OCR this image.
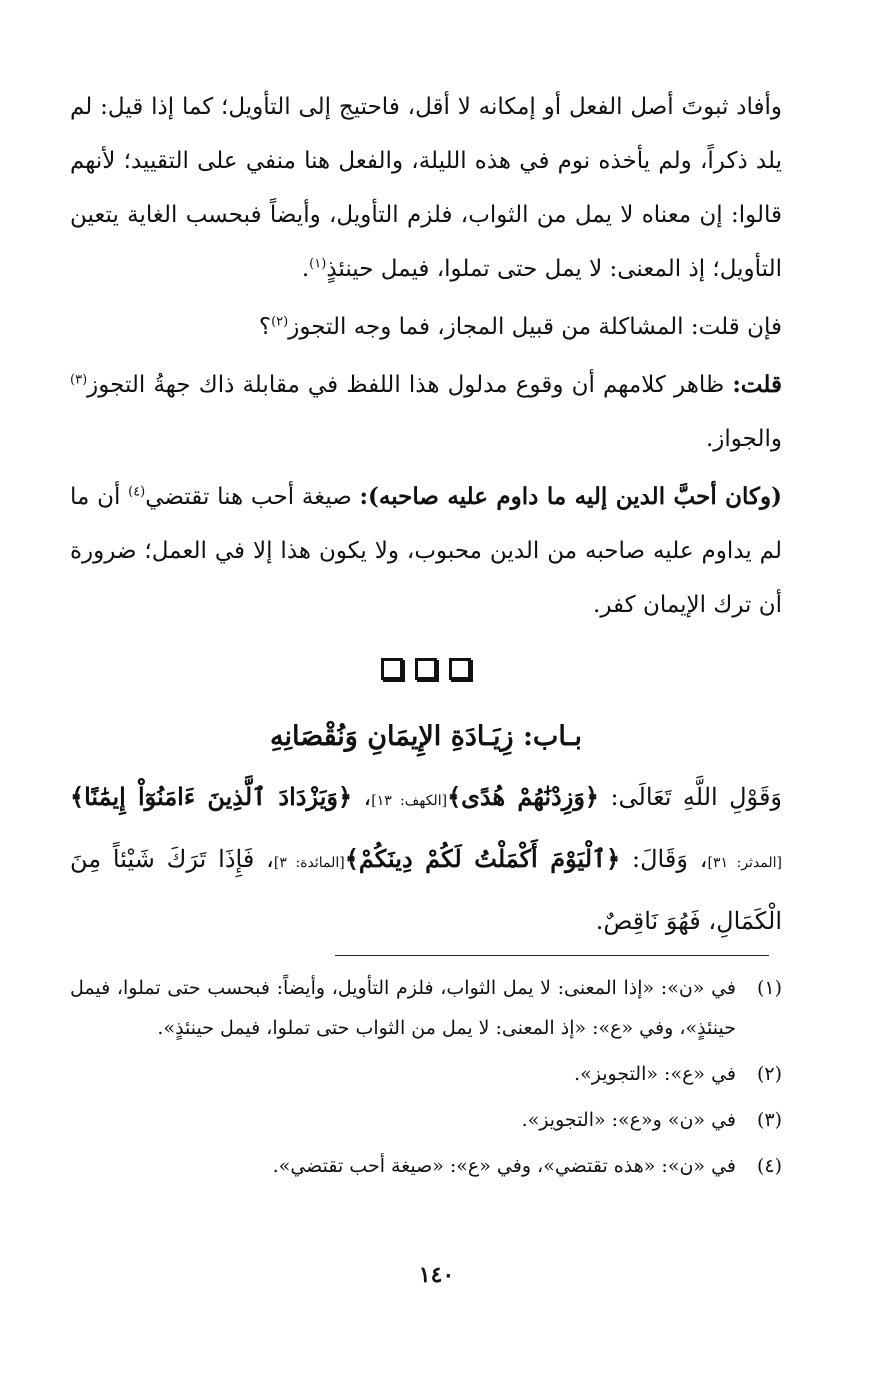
وأفاد ثبوتَ أصل الفعل أو إمكانه لا أقل، فاحتيج إلى التأويل؛ كما إذا قيل: لم يلد ذكراً، ولم يأخذه نوم في هذه الليلة، والفعل هنا منفي على التقييد؛ لأنهم قالوا: إن معناه لا يمل من الثواب، فلزم التأويل، وأيضاً فبحسب الغاية يتعين التأويل؛ إذ المعنى: لا يمل حتى تملوا، فيمل حينئذٍ$^{(١)}$.

فإن قلت: المشاكلة من قبيل المجاز، فما وجه التجوز$^{(٢)}$؟

قلت: ظاهر كلامهم أن وقوع مدلول هذا اللفظ في مقابلة ذاك جهةُ التجوز$^{(٣)}$ والجواز.

(وكان أحبَّ الدين إليه ما داوم عليه صاحبه): صيغة أحب هنا تقتضي$^{(٤)}$ أن ما لم يداوم عليه صاحبه من الدين محبوب، ولا يكون هذا إلا في العمل؛ ضرورة أن ترك الإيمان كفر.

بـاب: زِيَـادَةِ الإِيمَانِ وَنُقْصَانِهِ

وَقَوْلِ اللَّهِ تَعَالَى: ﴿وَزِدْنَٰهُمْ هُدًى﴾[الكهف: ١٣]، ﴿وَيَزْدَادَ ٱلَّذِينَ ءَامَنُوٓاْ إِيمَٰنًا﴾[المدثر: ٣١]، وَقَالَ: ﴿ٱلْيَوْمَ أَكْمَلْتُ لَكُمْ دِينَكُمْ﴾[المائدة: ٣]، فَإِذَا تَرَكَ شَيْئاً مِنَ الْكَمَالِ، فَهُوَ نَاقِصٌ.

(١)
في «ن»: «إذا المعنى: لا يمل الثواب، فلزم التأويل، وأيضاً: فبحسب حتى تملوا، فيمل حينئذٍ»، وفي «ع»: «إذ المعنى: لا يمل من الثواب حتى تملوا، فيمل حينئذٍ».
(٢)
في «ع»: «التجويز».
(٣)
في «ن» و«ع»: «التجويز».
(٤)
في «ن»: «هذه تقتضي»، وفي «ع»: «صيغة أحب تقتضي».
١٤٠
